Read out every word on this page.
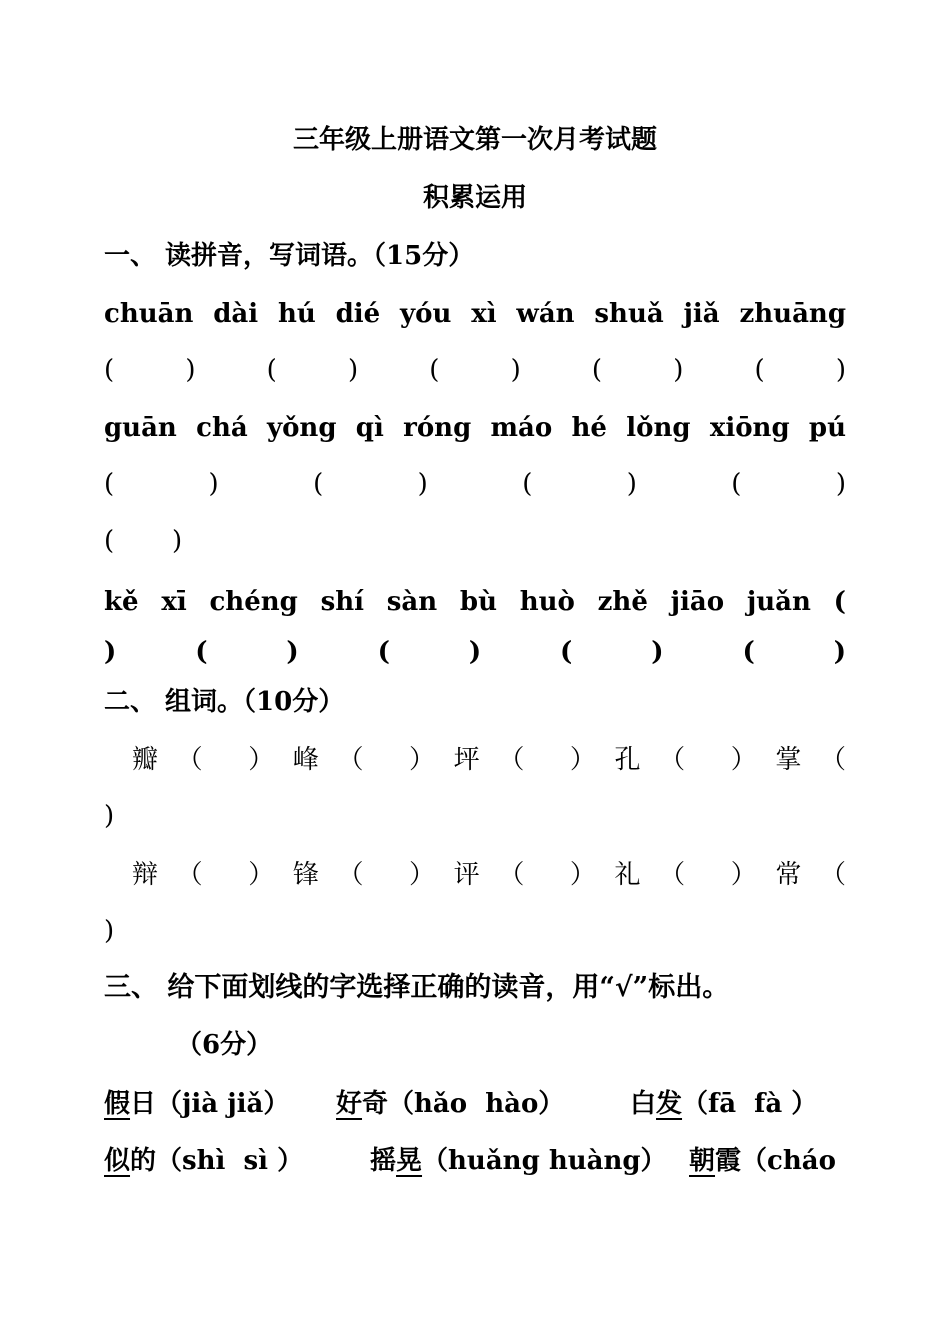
三年级上册语文第一次月考试题
积累运用
一、 读拼音，写词语。（15分）
chuān dài hú dié yóu xì wán shuǎ jiǎ zhuāng
( ) ( ) ( ) ( ) ( )
guān chá yǒng qì róng máo hé lǒng xiōng pú
( ) ( ) ( ) ( )
(       )
kě xī chéng shí sàn bù huò zhě jiāo juǎn (
) ( ) ( ) ( ) ( )
二、 组词。（10分）
瓣（ ）峰（ ）坪（ ）孔（ ）掌（
)
辩（ ）锋（ ）评（ ）礼（ ）常（
)
三、 给下面划线的字选择正确的读音，用“√”标出。
（6分）
假日（jià jiǎ）	好奇（hǎo  hào）	白发（fā  fà ）
似的（shì  sì ）	摇晃（huǎng huàng） 朝霞（cháo
